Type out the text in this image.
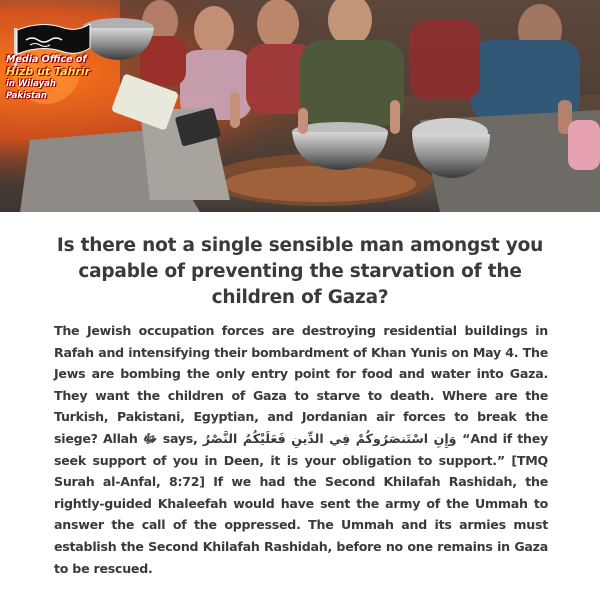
Media Office of
Hizb ut Tahrir
in Wilayah Pakistan
Is there not a single sensible man amongst you capable of preventing the starvation of the children of Gaza?
The Jewish occupation forces are destroying residential buildings in Rafah and intensifying their bombardment of Khan Yunis on May 4. The Jews are bombing the only entry point for food and water into Gaza. They want the children of Gaza to starve to death. Where are the Turkish, Pakistani, Egyptian, and Jordanian air forces to break the siege? Allah ﷻ says, وَإِنِ اسْتَنصَرُوكُمْ فِي الدِّينِ فَعَلَيْكُمُ النَّصْرُ “And if they seek support of you in Deen, it is your obligation to support.” [TMQ Surah al-Anfal, 8:72] If we had the Second Khilafah Rashidah, the rightly-guided Khaleefah would have sent the army of the Ummah to answer the call of the oppressed. The Ummah and its armies must establish the Second Khilafah Rashidah, before no one remains in Gaza to be rescued.
